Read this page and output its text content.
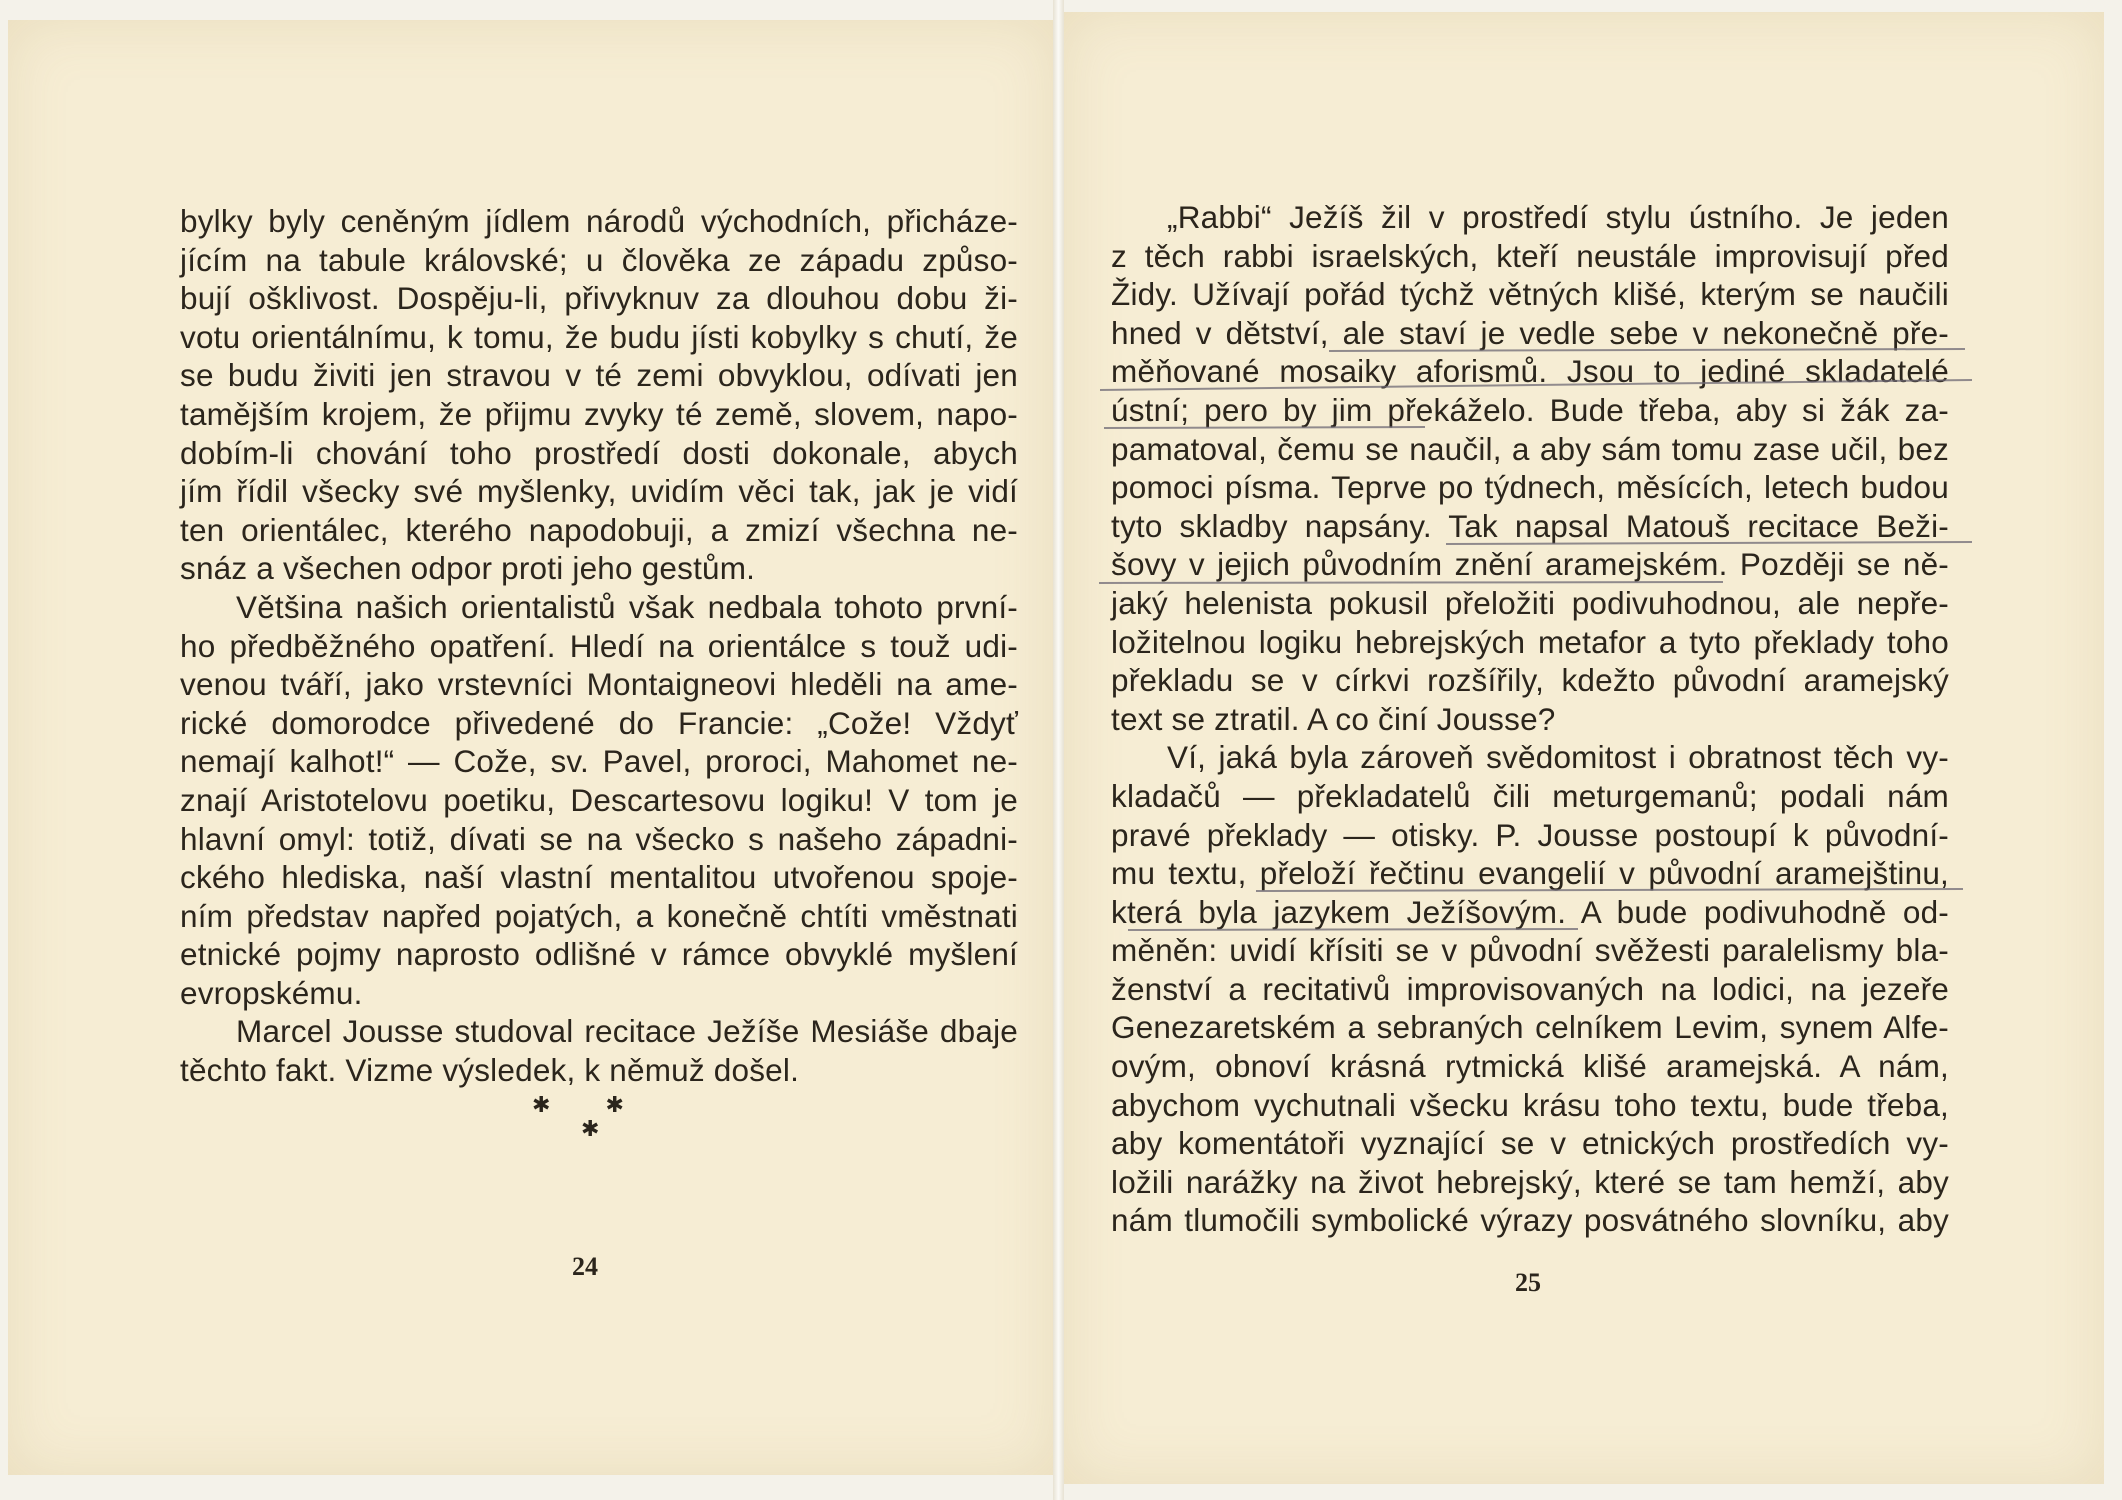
bylky byly ceněným jídlem národů východních, přicháze-
jícím na tabule královské; u člověka ze západu způso-
bují ošklivost. Dospěju-li, přivyknuv za dlouhou dobu ži-
votu orientálnímu, k tomu, že budu jísti kobylky s chutí, že
se budu živiti jen stravou v té zemi obvyklou, odívati jen
tamějším krojem, že přijmu zvyky té země, slovem, napo-
dobím-li chování toho prostředí dosti dokonale, abych
jím řídil všecky své myšlenky, uvidím věci tak, jak je vidí
ten orientálec, kterého napodobuji, a zmizí všechna ne-
snáz a všechen odpor proti jeho gestům.
Většina našich orientalistů však nedbala tohoto první-
ho předběžného opatření. Hledí na orientálce s touž udi-
venou tváří, jako vrstevníci Montaigneovi hleděli na ame-
rické domorodce přivedené do Francie: „Cože! Vždyť
nemají kalhot!“ — Cože, sv. Pavel, proroci, Mahomet ne-
znají Aristotelovu poetiku, Descartesovu logiku! V tom je
hlavní omyl: totiž, dívati se na všecko s našeho západni-
ckého hlediska, naší vlastní mentalitou utvořenou spoje-
ním představ napřed pojatých, a konečně chtíti vměstnati
etnické pojmy naprosto odlišné v rámce obvyklé myšlení
evropskému.
Marcel Jousse studoval recitace Ježíše Mesiáše dbaje
těchto fakt. Vizme výsledek, k němuž došel.
✱         ✱
✱
24
„Rabbi“ Ježíš žil v prostředí stylu ústního. Je jeden
z těch rabbi israelských, kteří neustále improvisují před
Židy. Užívají pořád týchž větných klišé, kterým se naučili
hned v dětství, ale staví je vedle sebe v nekonečně pře-
měňované mosaiky aforismů. Jsou to jediné skladatelé
ústní; pero by jim překáželo. Bude třeba, aby si žák za-
pamatoval, čemu se naučil, a aby sám tomu zase učil, bez
pomoci písma. Teprve po týdnech, měsících, letech budou
tyto skladby napsány. Tak napsal Matouš recitace Beži-
šovy v jejich původním znění aramejském. Později se ně-
jaký helenista pokusil přeložiti podivuhodnou, ale nepře-
ložitelnou logiku hebrejských metafor a tyto překlady toho
překladu se v církvi rozšířily, kdežto původní aramejský
text se ztratil. A co činí Jousse?
Ví, jaká byla zároveň svědomitost i obratnost těch vy-
kladačů — překladatelů čili meturgemanů; podali nám
pravé překlady — otisky. P. Jousse postoupí k původní-
mu textu, přeloží řečtinu evangelií v původní aramejštinu,
která byla jazykem Ježíšovým. A bude podivuhodně od-
měněn: uvidí křísiti se v původní svěžesti paralelismy bla-
ženství a recitativů improvisovaných na lodici, na jezeře
Genezaretském a sebraných celníkem Levim, synem Alfe-
ovým, obnoví krásná rytmická klišé aramejská. A nám,
abychom vychutnali všecku krásu toho textu, bude třeba,
aby komentátoři vyznající se v etnických prostředích vy-
ložili narážky na život hebrejský, které se tam hemží, aby
nám tlumočili symbolické výrazy posvátného slovníku, aby
25
